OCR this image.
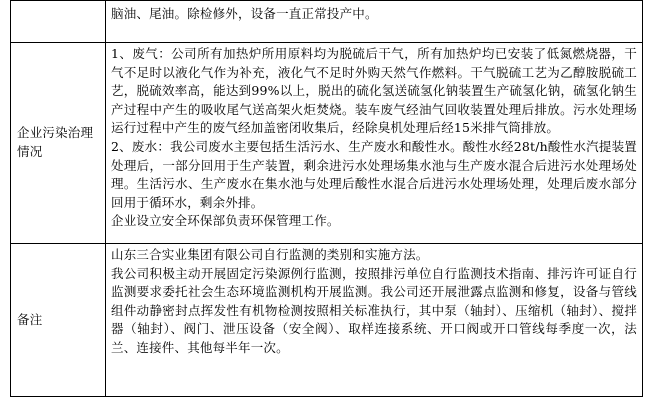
	脑油、尾油。除检修外，设备一直正常投产中。

企业污染治理情况	1、废气：公司所有加热炉所用原料均为脱硫后干气，所有加热炉均已安装了低氮燃烧器，干气不足时以液化气作为补充，液化气不足时外购天然气作燃料。干气脱硫工艺为乙醇胺脱硫工艺，脱硫效率高，能达到99%以上，脱出的硫化氢送硫氢化钠装置生产硫氢化钠，硫氢化钠生产过程中产生的吸收尾气送高架火炬焚烧。装车废气经油气回收装置处理后排放。污水处理场运行过程中产生的废气经加盖密闭收集后，经除臭机处理后经15米排气筒排放。
2、废水：我公司废水主要包括生活污水、生产废水和酸性水。酸性水经28t/h酸性水汽提装置处理后，一部分回用于生产装置，剩余进污水处理场集水池与生产废水混合后进污水处理场处理。生活污水、生产废水在集水池与处理后酸性水混合后进污水处理场处理，处理后废水部分回用于循环水，剩余外排。
企业设立安全环保部负责环保管理工作。

备注	山东三合实业集团有限公司自行监测的类别和实施方法。
我公司积极主动开展固定污染源例行监测，按照排污单位自行监测技术指南、排污许可证自行监测要求委托社会生态环境监测机构开展监测。我公司还开展泄露点监测和修复，设备与管线组件动静密封点挥发性有机物检测按照相关标准执行，其中泵（轴封）、压缩机（轴封）、搅拌器（轴封）、阀门、泄压设备（安全阀）、取样连接系统、开口阀或开口管线每季度一次，法兰、连接件、其他每半年一次。
